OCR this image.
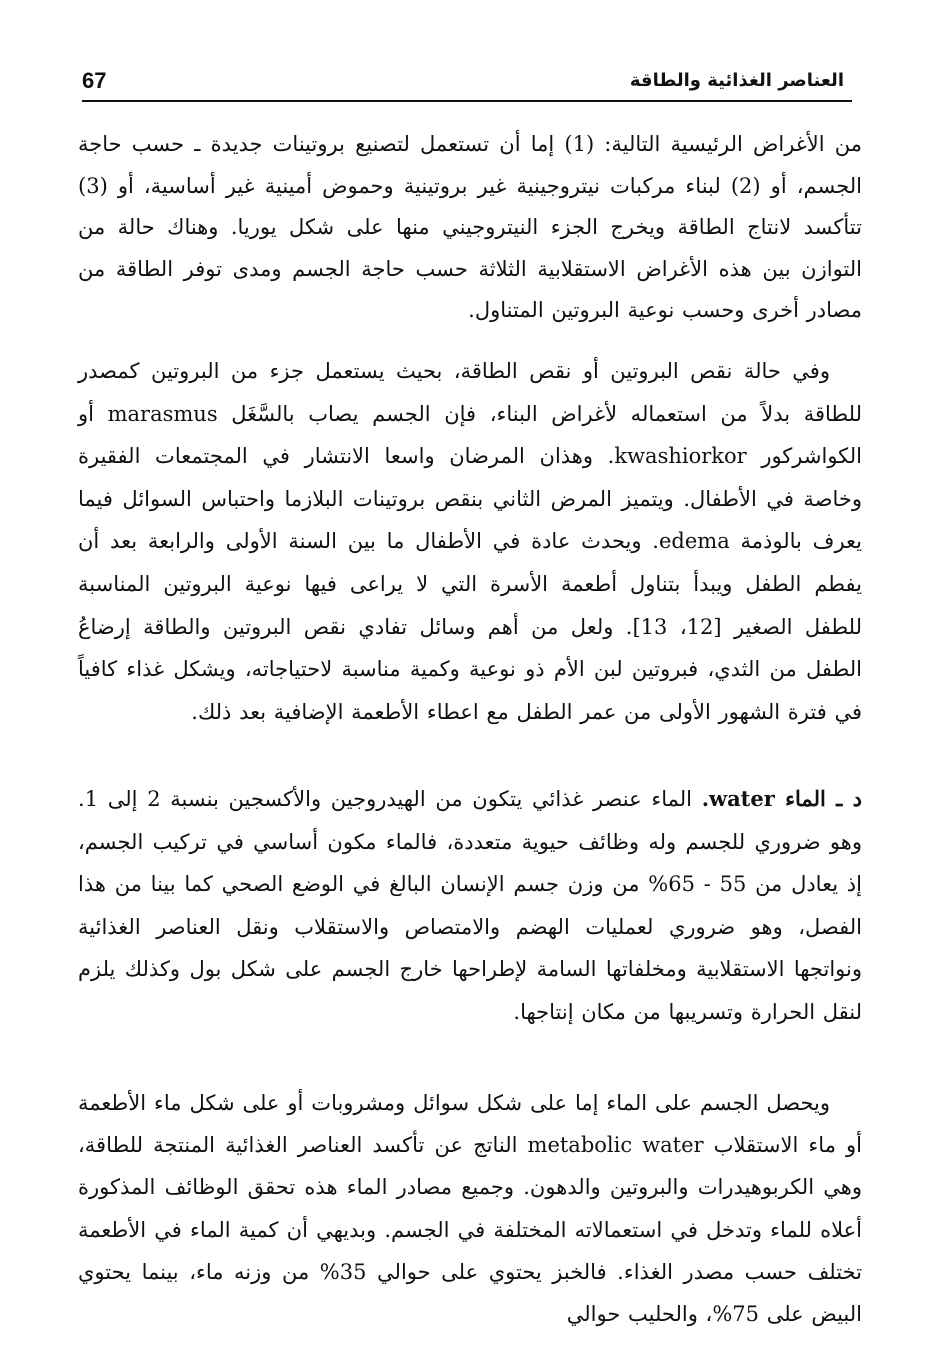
67	العناصر الغذائية والطاقة

من الأغراض الرئيسية التالية: (1) إما أن تستعمل لتصنيع بروتينات جديدة ـ حسب حاجة الجسم، أو (2) لبناء مركبات نيتروجينية غير بروتينية وحموض أمينية غير أساسية، أو (3) تتأكسد لانتاج الطاقة ويخرج الجزء النيتروجيني منها على شكل يوريا. وهناك حالة من التوازن بين هذه الأغراض الاستقلابية الثلاثة حسب حاجة الجسم ومدى توفر الطاقة من مصادر أخرى وحسب نوعية البروتين المتناول.

وفي حالة نقص البروتين أو نقص الطاقة، بحيث يستعمل جزء من البروتين كمصدر للطاقة بدلاً من استعماله لأغراض البناء، فإن الجسم يصاب بالسَّغَل marasmus أو الكواشركور kwashiorkor. وهذان المرضان واسعا الانتشار في المجتمعات الفقيرة وخاصة في الأطفال. ويتميز المرض الثاني بنقص بروتينات البلازما واحتباس السوائل فيما يعرف بالوذمة edema. ويحدث عادة في الأطفال ما بين السنة الأولى والرابعة بعد أن يفطم الطفل ويبدأ بتناول أطعمة الأسرة التي لا يراعى فيها نوعية البروتين المناسبة للطفل الصغير [12، 13]. ولعل من أهم وسائل تفادي نقص البروتين والطاقة إرضاعُ الطفل من الثدي، فبروتين لبن الأم ذو نوعية وكمية مناسبة لاحتياجاته، ويشكل غذاء كافياً في فترة الشهور الأولى من عمر الطفل مع اعطاء الأطعمة الإضافية بعد ذلك.

د ـ الماء water. الماء عنصر غذائي يتكون من الهيدروجين والأكسجين بنسبة 2 إلى 1. وهو ضروري للجسم وله وظائف حيوية متعددة، فالماء مكون أساسي في تركيب الجسم، إذ يعادل من 55 - 65% من وزن جسم الإنسان البالغ في الوضع الصحي كما بينا من هذا الفصل، وهو ضروري لعمليات الهضم والامتصاص والاستقلاب ونقل العناصر الغذائية ونواتجها الاستقلابية ومخلفاتها السامة لإطراحها خارج الجسم على شكل بول وكذلك يلزم لنقل الحرارة وتسريبها من مكان إنتاجها.

ويحصل الجسم على الماء إما على شكل سوائل ومشروبات أو على شكل ماء الأطعمة أو ماء الاستقلاب metabolic water الناتج عن تأكسد العناصر الغذائية المنتجة للطاقة، وهي الكربوهيدرات والبروتين والدهون. وجميع مصادر الماء هذه تحقق الوظائف المذكورة أعلاه للماء وتدخل في استعمالاته المختلفة في الجسم. وبديهي أن كمية الماء في الأطعمة تختلف حسب مصدر الغذاء. فالخبز يحتوي على حوالي 35% من وزنه ماء، بينما يحتوي البيض على 75%، والحليب حوالي
